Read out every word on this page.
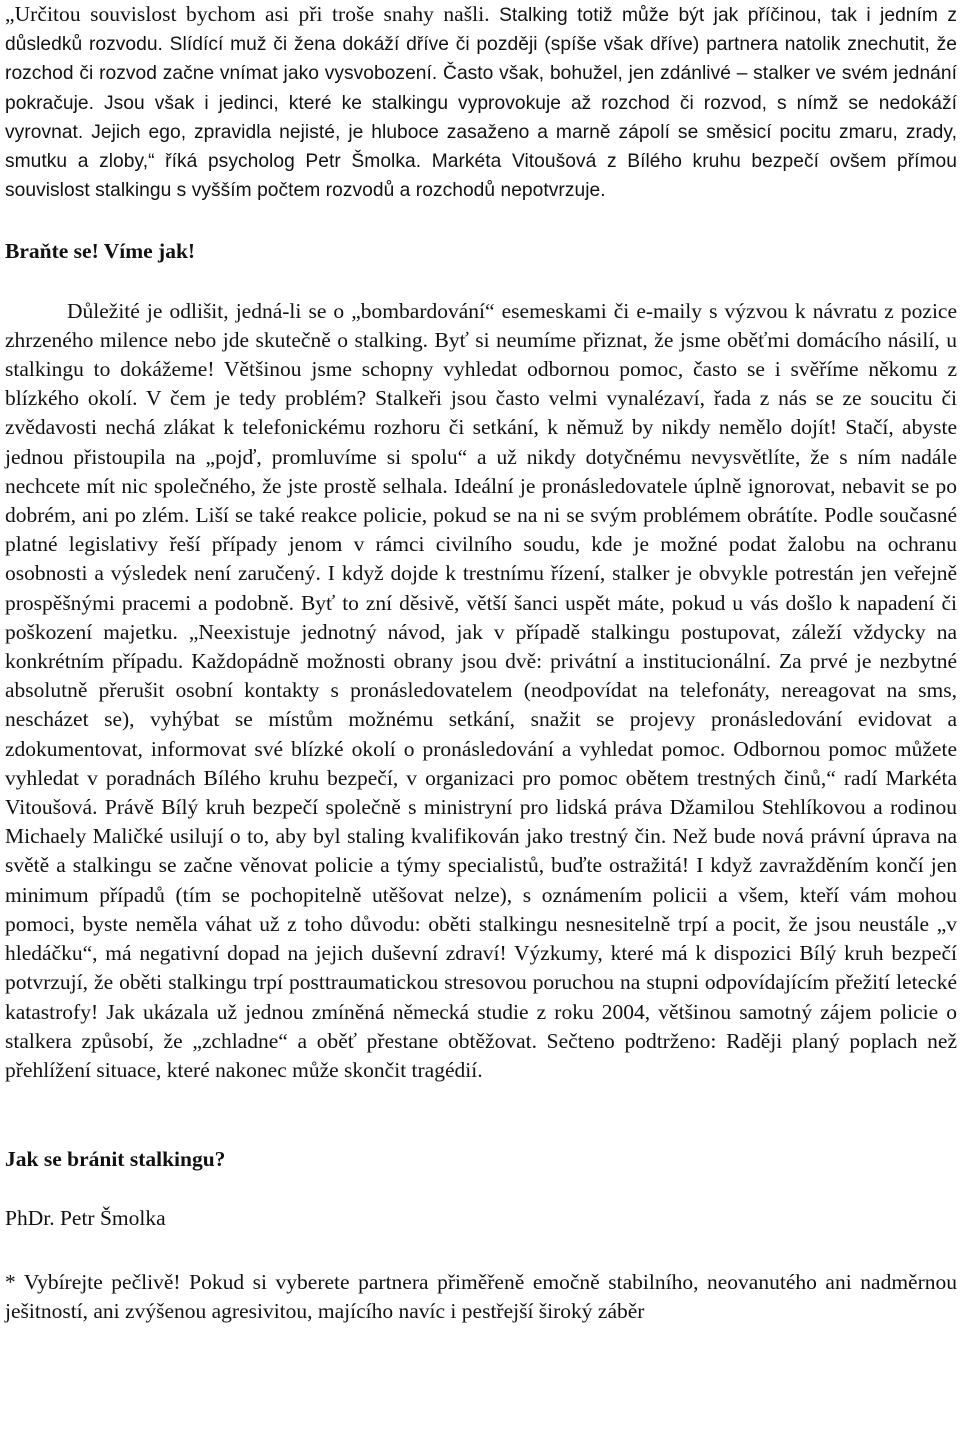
„Určitou souvislost bychom asi při troše snahy našli. Stalking totiž může být jak příčinou, tak i jedním z důsledků rozvodu. Slídící muž či žena dokáží dříve či později (spíše však dříve) partnera natolik znechutit, že rozchod či rozvod začne vnímat jako vysvobození. Často však, bohužel, jen zdánlivé – stalker ve svém jednání pokračuje. Jsou však i jedinci, které ke stalkingu vyprovokuje až rozchod či rozvod, s nímž se nedokáží vyrovnat. Jejich ego, zpravidla nejisté, je hluboce zasaženo a marně zápolí se směsicí pocitu zmaru, zrady, smutku a zloby,“ říká psycholog Petr Šmolka. Markéta Vitoušová z Bílého kruhu bezpečí ovšem přímou souvislost stalkingu s vyšším počtem rozvodů a rozchodů nepotvrzuje.

Braňte se! Víme jak!

Důležité je odlišit, jedná-li se o „bombardování“ esemeskami či e-maily s výzvou k návratu z pozice zhrzeného milence nebo jde skutečně o stalking. Byť si neumíme přiznat, že jsme oběťmi domácího násilí, u stalkingu to dokážeme! Většinou jsme schopny vyhledat odbornou pomoc, často se i svěříme někomu z blízkého okolí. V čem je tedy problém? Stalkeři jsou často velmi vynalézaví, řada z nás se ze soucitu či zvědavosti nechá zlákat k telefonickému rozhoru či setkání, k němuž by nikdy nemělo dojít! Stačí, abyste jednou přistoupila na „pojď, promluvíme si spolu“ a už nikdy dotyčnému nevysvětlíte, že s ním nadále nechcete mít nic společného, že jste prostě selhala. Ideální je pronásledovatele úplně ignorovat, nebavit se po dobrém, ani po zlém. Liší se také reakce policie, pokud se na ni se svým problémem obrátíte. Podle současné platné legislativy řeší případy jenom v rámci civilního soudu, kde je možné podat žalobu na ochranu osobnosti a výsledek není zaručený. I když dojde k trestnímu řízení, stalker je obvykle potrestán jen veřejně prospěšnými pracemi a podobně. Byť to zní děsivě, větší šanci uspět máte, pokud u vás došlo k napadení či poškození majetku. „Neexistuje jednotný návod, jak v případě stalkingu postupovat, záleží vždycky na konkrétním případu. Každopádně možnosti obrany jsou dvě: privátní a institucionální. Za prvé je nezbytné absolutně přerušit osobní kontakty s pronásledovatelem (neodpovídat na telefonáty, nereagovat na sms, nescházet se), vyhýbat se místům možnému setkání, snažit se projevy pronásledování evidovat a zdokumentovat, informovat své blízké okolí o pronásledování a vyhledat pomoc. Odbornou pomoc můžete vyhledat v poradnách Bílého kruhu bezpečí, v organizaci pro pomoc obětem trestných činů,“ radí Markéta Vitoušová. Právě Bílý kruh bezpečí společně s ministryní pro lidská práva Džamilou Stehlíkovou a rodinou Michaely Maličké usilují o to, aby byl staling kvalifikován jako trestný čin. Než bude nová právní úprava na světě a stalkingu se začne věnovat policie a týmy specialistů, buďte ostražitá! I když zavražděním končí jen minimum případů (tím se pochopitelně utěšovat nelze), s oznámením policii a všem, kteří vám mohou pomoci, byste neměla váhat už z toho důvodu: oběti stalkingu nesnesitelně trpí a pocit, že jsou neustále „v hledáčku“, má negativní dopad na jejich duševní zdraví! Výzkumy, které má k dispozici Bílý kruh bezpečí potvrzují, že oběti stalkingu trpí posttraumatickou stresovou poruchou na stupni odpovídajícím přežití letecké katastrofy! Jak ukázala už jednou zmíněná německá studie z roku 2004, většinou samotný zájem policie o stalkera způsobí, že „zchladne“ a oběť přestane obtěžovat. Sečteno podtrženo: Raději planý poplach než přehlížení situace, které nakonec může skončit tragédií.

Jak se bránit stalkingu?

PhDr. Petr Šmolka

* Vybírejte pečlivě! Pokud si vyberete partnera přiměřeně emočně stabilního, neovanutého ani nadměrnou ješitností, ani zvýšenou agresivitou, majícího navíc i pestřejší široký záběr
